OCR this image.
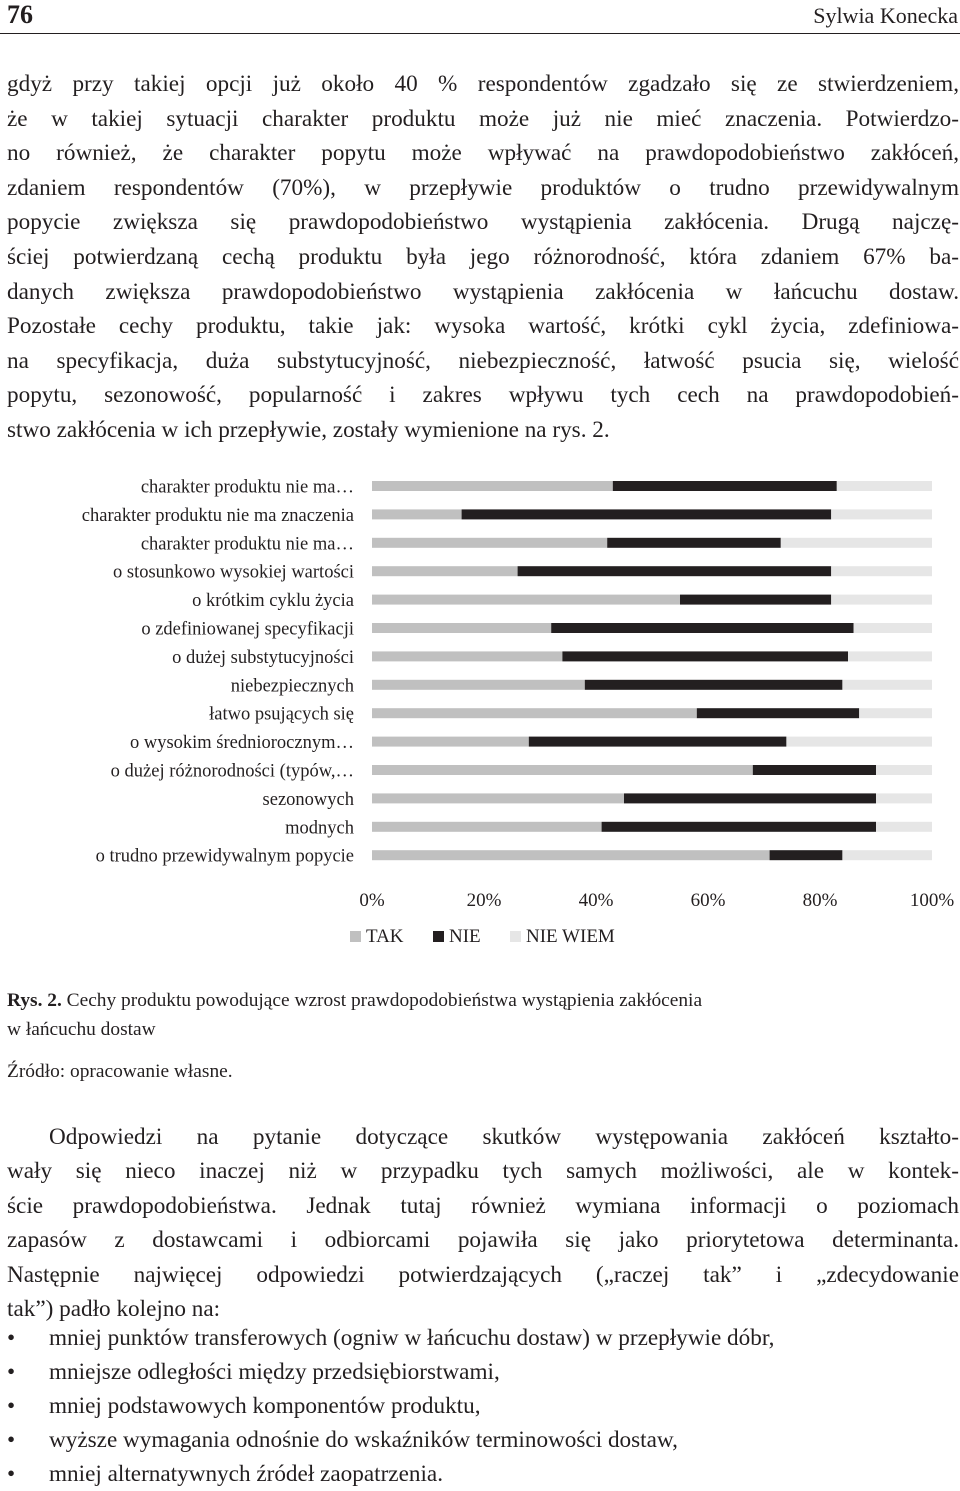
76	Sylwia Konecka

gdyż przy takiej opcji już około 40 % respondentów zgadzało się ze stwierdzeniem,
że w takiej sytuacji charakter produktu może już nie mieć znaczenia. Potwierdzo-
no również, że charakter popytu może wpływać na prawdopodobieństwo zakłóceń,
zdaniem respondentów (70%), w przepływie produktów o trudno przewidywalnym
popycie zwiększa się prawdopodobieństwo wystąpienia zakłócenia. Drugą najczę-
ściej potwierdzaną cechą produktu była jego różnorodność, która zdaniem 67% ba-
danych zwiększa prawdopodobieństwo wystąpienia zakłócenia w łańcuchu dostaw.
Pozostałe cechy produktu, takie jak: wysoka wartość, krótki cykl życia, zdefiniowa-
na specyfikacja, duża substytucyjność, niebezpieczność, łatwość psucia się, wielość
popytu, sezonowość, popularność i zakres wpływu tych cech na prawdopodobień-
stwo zakłócenia w ich przepływie, zostały wymienione na rys. 2.

charakter produktu nie ma…
charakter produktu nie ma znaczenia
charakter produktu nie ma…
o stosunkowo wysokiej wartości
o krótkim cyklu życia
o zdefiniowanej specyfikacji
o dużej substytucyjności
niebezpiecznych
łatwo psujących się
o wysokim średniorocznym…
o dużej różnorodności (typów,…
sezonowych
modnych
o trudno przewidywalnym popycie
0%	20%	40%	60%	80%	100%
TAK NIE NIE WIEM

Rys. 2. Cechy produktu powodujące wzrost prawdopodobieństwa wystąpienia zakłócenia
w łańcuchu dostaw

Źródło: opracowanie własne.

Odpowiedzi na pytanie dotyczące skutków występowania zakłóceń kształto-
wały się nieco inaczej niż w przypadku tych samych możliwości, ale w kontek-
ście prawdopodobieństwa. Jednak tutaj również wymiana informacji o poziomach
zapasów z dostawcami i odbiorcami pojawiła się jako priorytetowa determinanta.
Następnie najwięcej odpowiedzi potwierdzających („raczej tak” i „zdecydowanie
tak”) padło kolejno na:

• mniej punktów transferowych (ogniw w łańcuchu dostaw) w przepływie dóbr,
• mniejsze odległości między przedsiębiorstwami,
• mniej podstawowych komponentów produktu,
• wyższe wymagania odnośnie do wskaźników terminowości dostaw,
• mniej alternatywnych źródeł zaopatrzenia.
